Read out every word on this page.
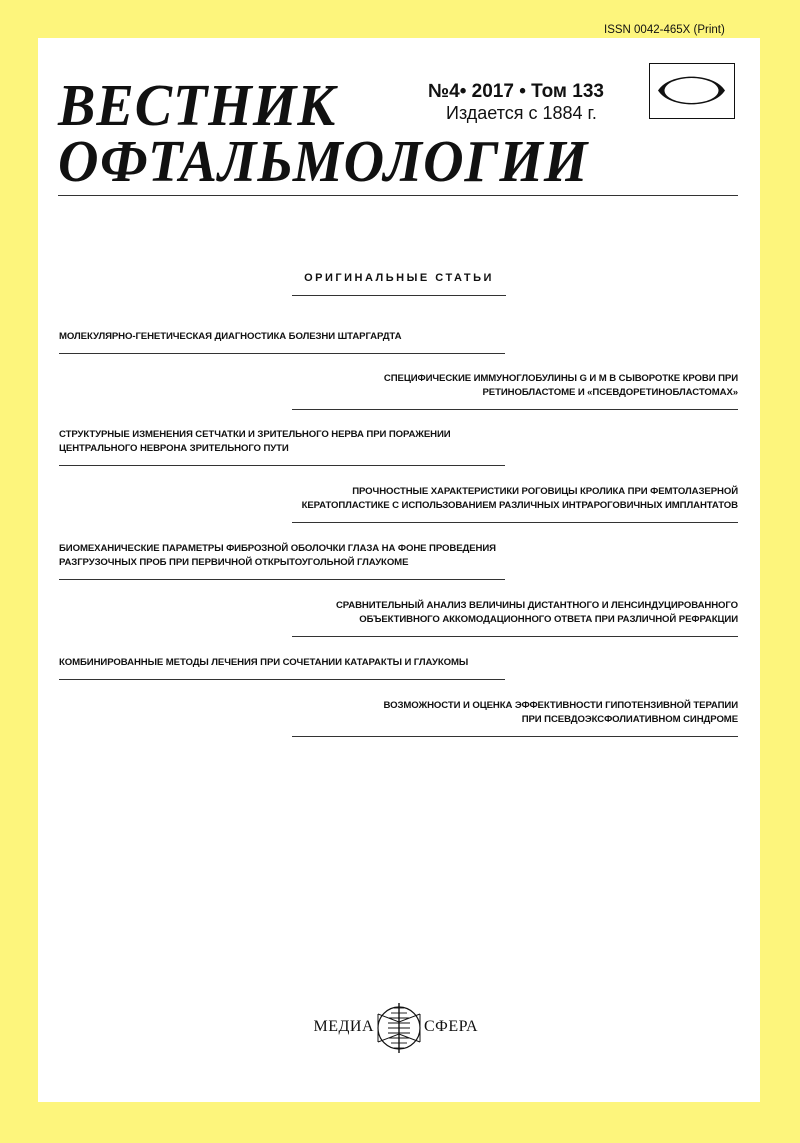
ISSN 0042-465X (Print)
ВЕСТНИК
ОФТАЛЬМОЛОГИИ
№4• 2017 • Том 133
Издается с 1884 г.
ОРИГИНАЛЬНЫЕ СТАТЬИ
МОЛЕКУЛЯРНО-ГЕНЕТИЧЕСКАЯ ДИАГНОСТИКА БОЛЕЗНИ ШТАРГАРДТА
СПЕЦИФИЧЕСКИЕ ИММУНОГЛОБУЛИНЫ G И M В СЫВОРОТКЕ КРОВИ ПРИ
РЕТИНОБЛАСТОМЕ И «ПСЕВДОРЕТИНОБЛАСТОМАХ»
СТРУКТУРНЫЕ ИЗМЕНЕНИЯ СЕТЧАТКИ И ЗРИТЕЛЬНОГО НЕРВА ПРИ ПОРАЖЕНИИ
ЦЕНТРАЛЬНОГО НЕВРОНА ЗРИТЕЛЬНОГО ПУТИ
ПРОЧНОСТНЫЕ ХАРАКТЕРИСТИКИ РОГОВИЦЫ КРОЛИКА ПРИ ФЕМТОЛАЗЕРНОЙ
КЕРАТОПЛАСТИКЕ С ИСПОЛЬЗОВАНИЕМ РАЗЛИЧНЫХ ИНТРАРОГОВИЧНЫХ ИМПЛАНТАТОВ
БИОМЕХАНИЧЕСКИЕ ПАРАМЕТРЫ ФИБРОЗНОЙ ОБОЛОЧКИ ГЛАЗА НА ФОНЕ ПРОВЕДЕНИЯ
РАЗГРУЗОЧНЫХ ПРОБ ПРИ ПЕРВИЧНОЙ ОТКРЫТОУГОЛЬНОЙ ГЛАУКОМЕ
СРАВНИТЕЛЬНЫЙ АНАЛИЗ ВЕЛИЧИНЫ ДИСТАНТНОГО И ЛЕНСИНДУЦИРОВАННОГО
ОБЪЕКТИВНОГО АККОМОДАЦИОННОГО ОТВЕТА ПРИ РАЗЛИЧНОЙ РЕФРАКЦИИ
КОМБИНИРОВАННЫЕ МЕТОДЫ ЛЕЧЕНИЯ ПРИ СОЧЕТАНИИ КАТАРАКТЫ И ГЛАУКОМЫ
ВОЗМОЖНОСТИ И ОЦЕНКА ЭФФЕКТИВНОСТИ ГИПОТЕНЗИВНОЙ ТЕРАПИИ
ПРИ ПСЕВДОЭКСФОЛИАТИВНОМ СИНДРОМЕ
МЕДИА	СФЕРА
